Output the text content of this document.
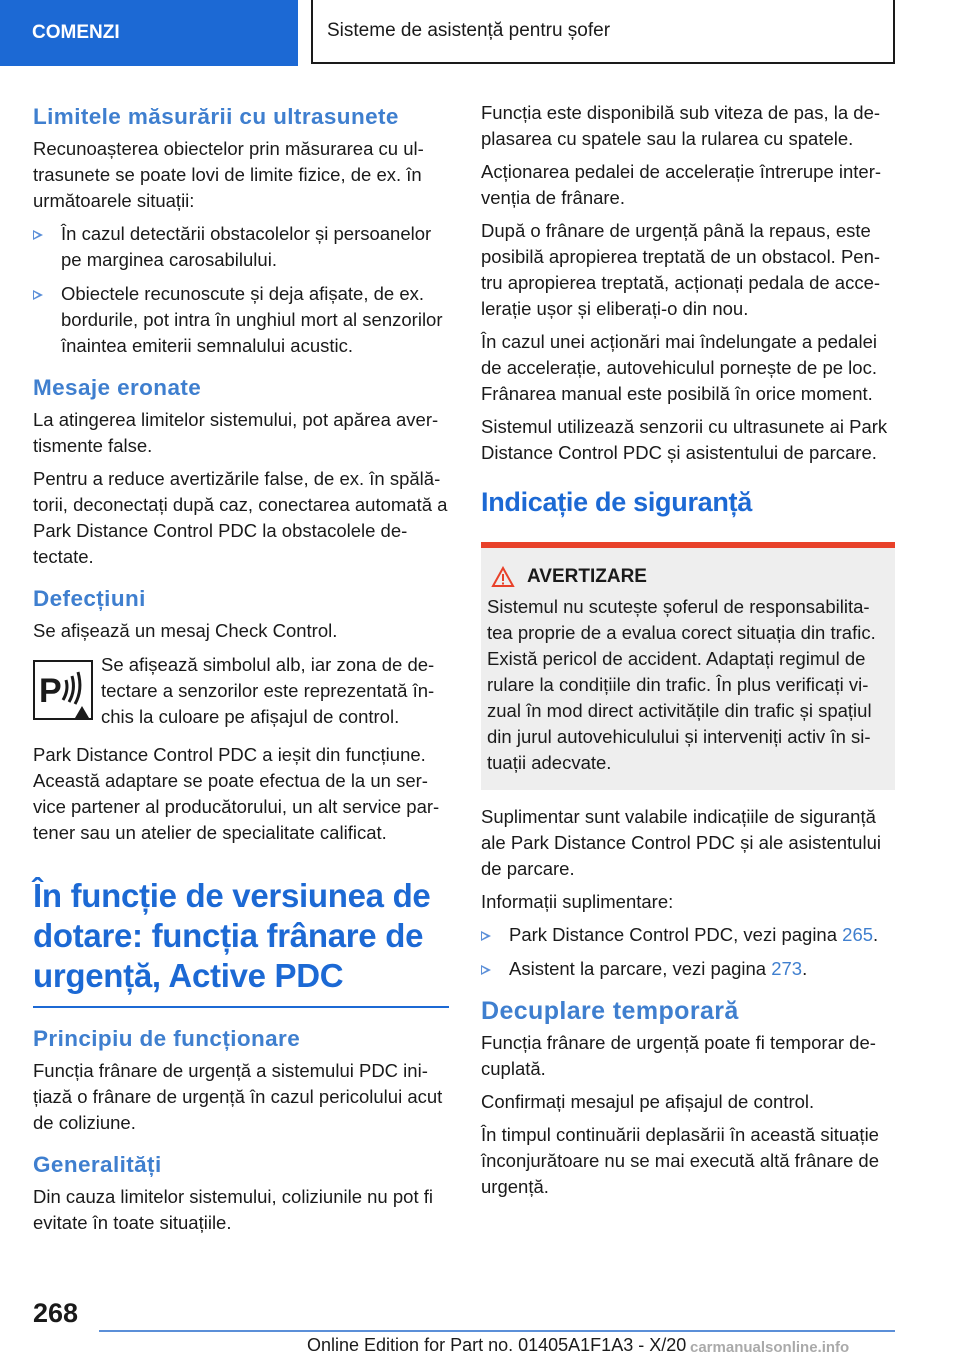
COMENZI	Sisteme de asistență pentru șofer
Limitele măsurării cu ultrasunete

Recunoașterea obiectelor prin măsurarea cu ultrasunete se poate lovi de limite fizice, de ex. în următoarele situații:

În cazul detectării obstacolelor și persoanelor pe marginea carosabilului.
Obiectele recunoscute și deja afișate, de ex. bordurile, pot intra în unghiul mort al senzorilor înaintea emiterii semnalului acustic.
Mesaje eronate

La atingerea limitelor sistemului, pot apărea avertismente false.

Pentru a reduce avertizările false, de ex. în spălătorii, deconectați după caz, conectarea automată a Park Distance Control PDC la obstacolele detectate.

Defecțiuni

Se afișează un mesaj Check Control.

P
Se afișează simbolul alb, iar zona de detectare a senzorilor este reprezentată închis la culoare pe afișajul de control.

Park Distance Control PDC a ieșit din funcțiune. Această adaptare se poate efectua de la un service partener al producătorului, un alt service partener sau un atelier de specialitate calificat.

În funcție de versiunea de dotare: funcția frânare de urgență, Active PDC
Principiu de funcționare

Funcția frânare de urgență a sistemului PDC inițiază o frânare de urgență în cazul pericolului acut de coliziune.

Generalități

Din cauza limitelor sistemului, coliziunile nu pot fi evitate în toate situațiile.

Funcția este disponibilă sub viteza de pas, la deplasarea cu spatele sau la rularea cu spatele.

Acționarea pedalei de accelerație întrerupe intervenția de frânare.

După o frânare de urgență până la repaus, este posibilă apropierea treptată de un obstacol. Pentru apropierea treptată, acționați pedala de accelerație ușor și eliberați-o din nou.

În cazul unei acționări mai îndelungate a pedalei de accelerație, autovehiculul pornește de pe loc. Frânarea manual este posibilă în orice moment.

Sistemul utilizează senzorii cu ultrasunete ai Park Distance Control PDC și asistentului de parcare.

Indicație de siguranță
AVERTIZARE

Sistemul nu scutește șoferul de responsabilitatea proprie de a evalua corect situația din trafic. Există pericol de accident. Adaptați regimul de rulare la condițiile din trafic. În plus verificați vizual în mod direct activitățile din trafic și spațiul din jurul autovehiculului și interveniți activ în situații adecvate.

Suplimentar sunt valabile indicațiile de siguranță ale Park Distance Control PDC și ale asistentului de parcare.

Informații suplimentare:

Park Distance Control PDC, vezi pagina 265.
Asistent la parcare, vezi pagina 273.
Decuplare temporară

Funcția frânare de urgență poate fi temporar decuplată.

Confirmați mesajul pe afișajul de control.

În timpul continuării deplasării în această situație înconjurătoare nu se mai execută altă frânare de urgență.

268
Online Edition for Part no. 01405A1F1A3 - X/20 carmanualsonline.info
